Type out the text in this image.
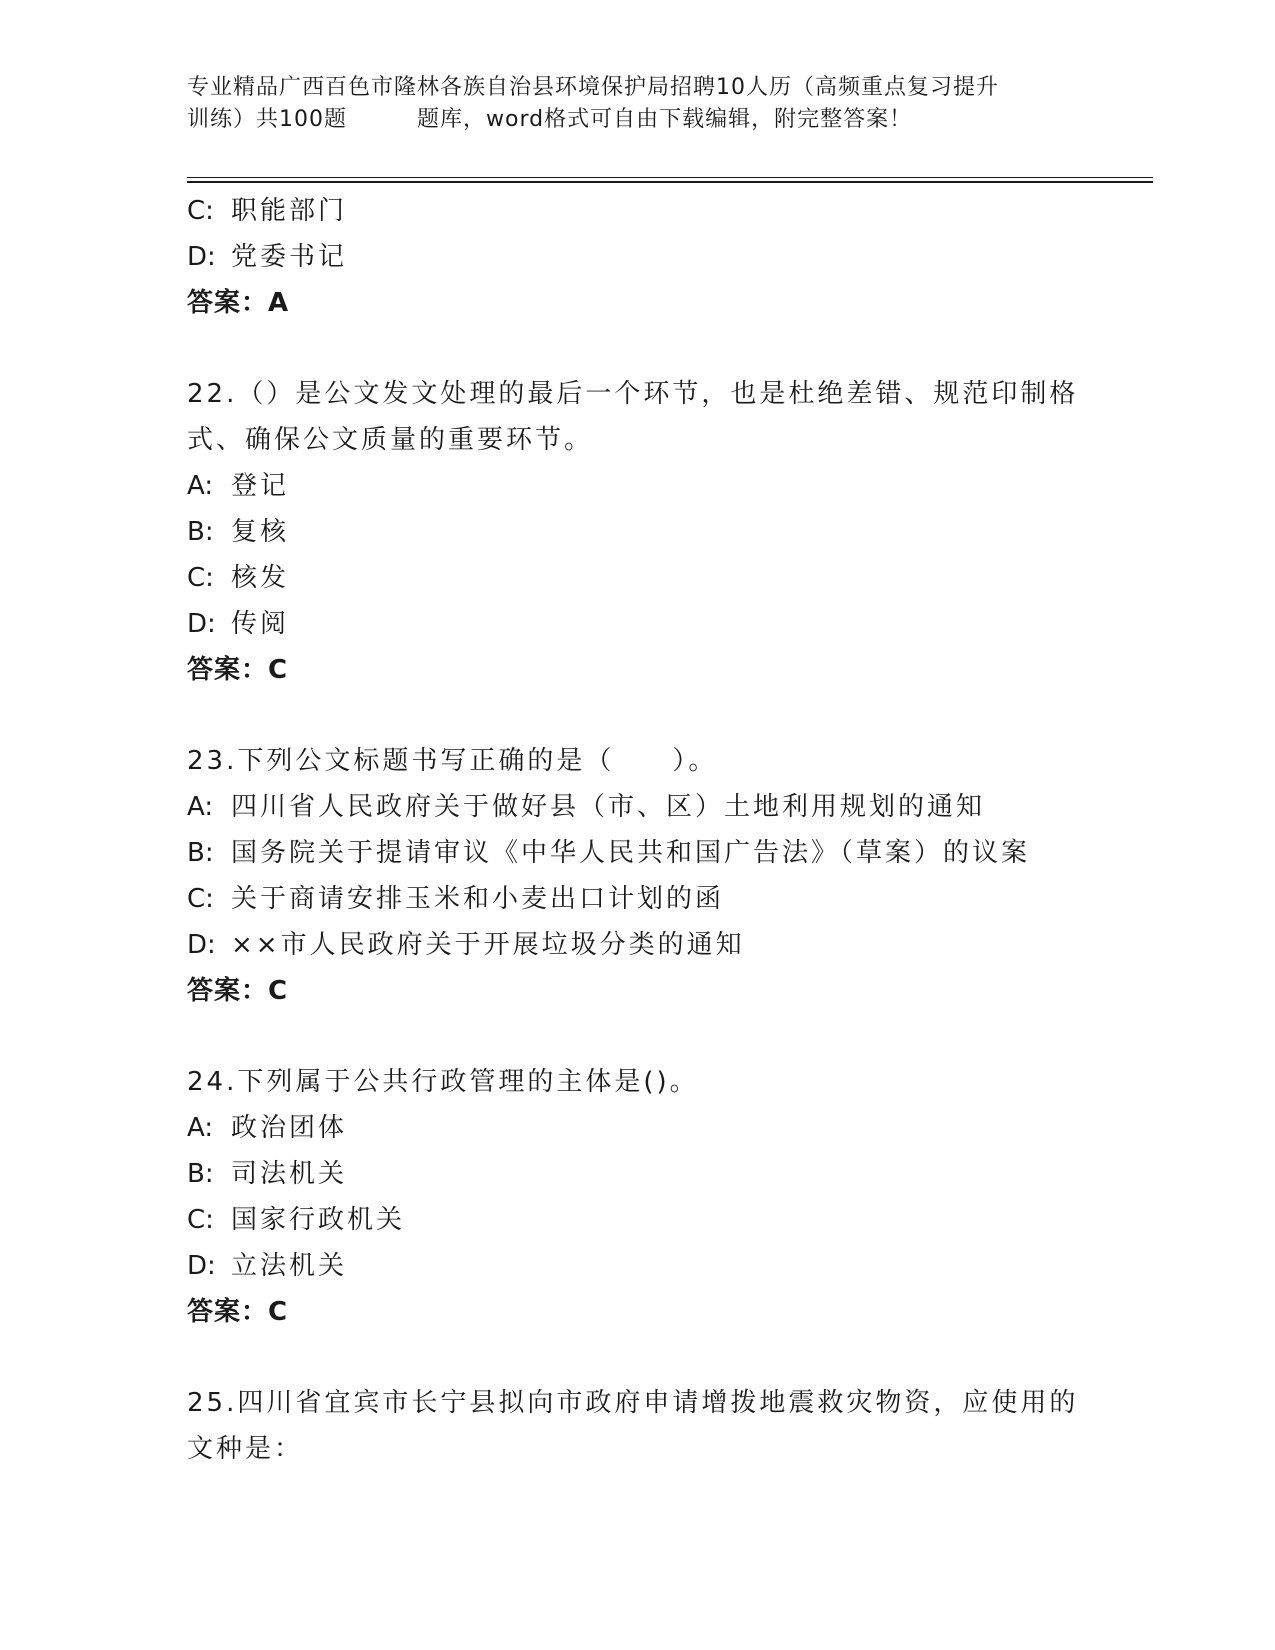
专业精品广西百色市隆林各族自治县环境保护局招聘10人历（高频重点复习提升
训练）共100题	题库，word格式可自由下载编辑，附完整答案！
C: 职能部门
D: 党委书记
答案：A
22.（）是公文发文处理的最后一个环节，也是杜绝差错、规范印制格
式、确保公文质量的重要环节。
A: 登记
B: 复核
C: 核发
D: 传阅
答案：C
23.下列公文标题书写正确的是（　　）。
A: 四川省人民政府关于做好县（市、区）土地利用规划的通知
B: 国务院关于提请审议《中华人民共和国广告法》（草案）的议案
C: 关于商请安排玉米和小麦出口计划的函
D: ××市人民政府关于开展垃圾分类的通知
答案：C
24.下列属于公共行政管理的主体是()。
A: 政治团体
B: 司法机关
C: 国家行政机关
D: 立法机关
答案：C
25.四川省宜宾市长宁县拟向市政府申请增拨地震救灾物资，应使用的
文种是：
